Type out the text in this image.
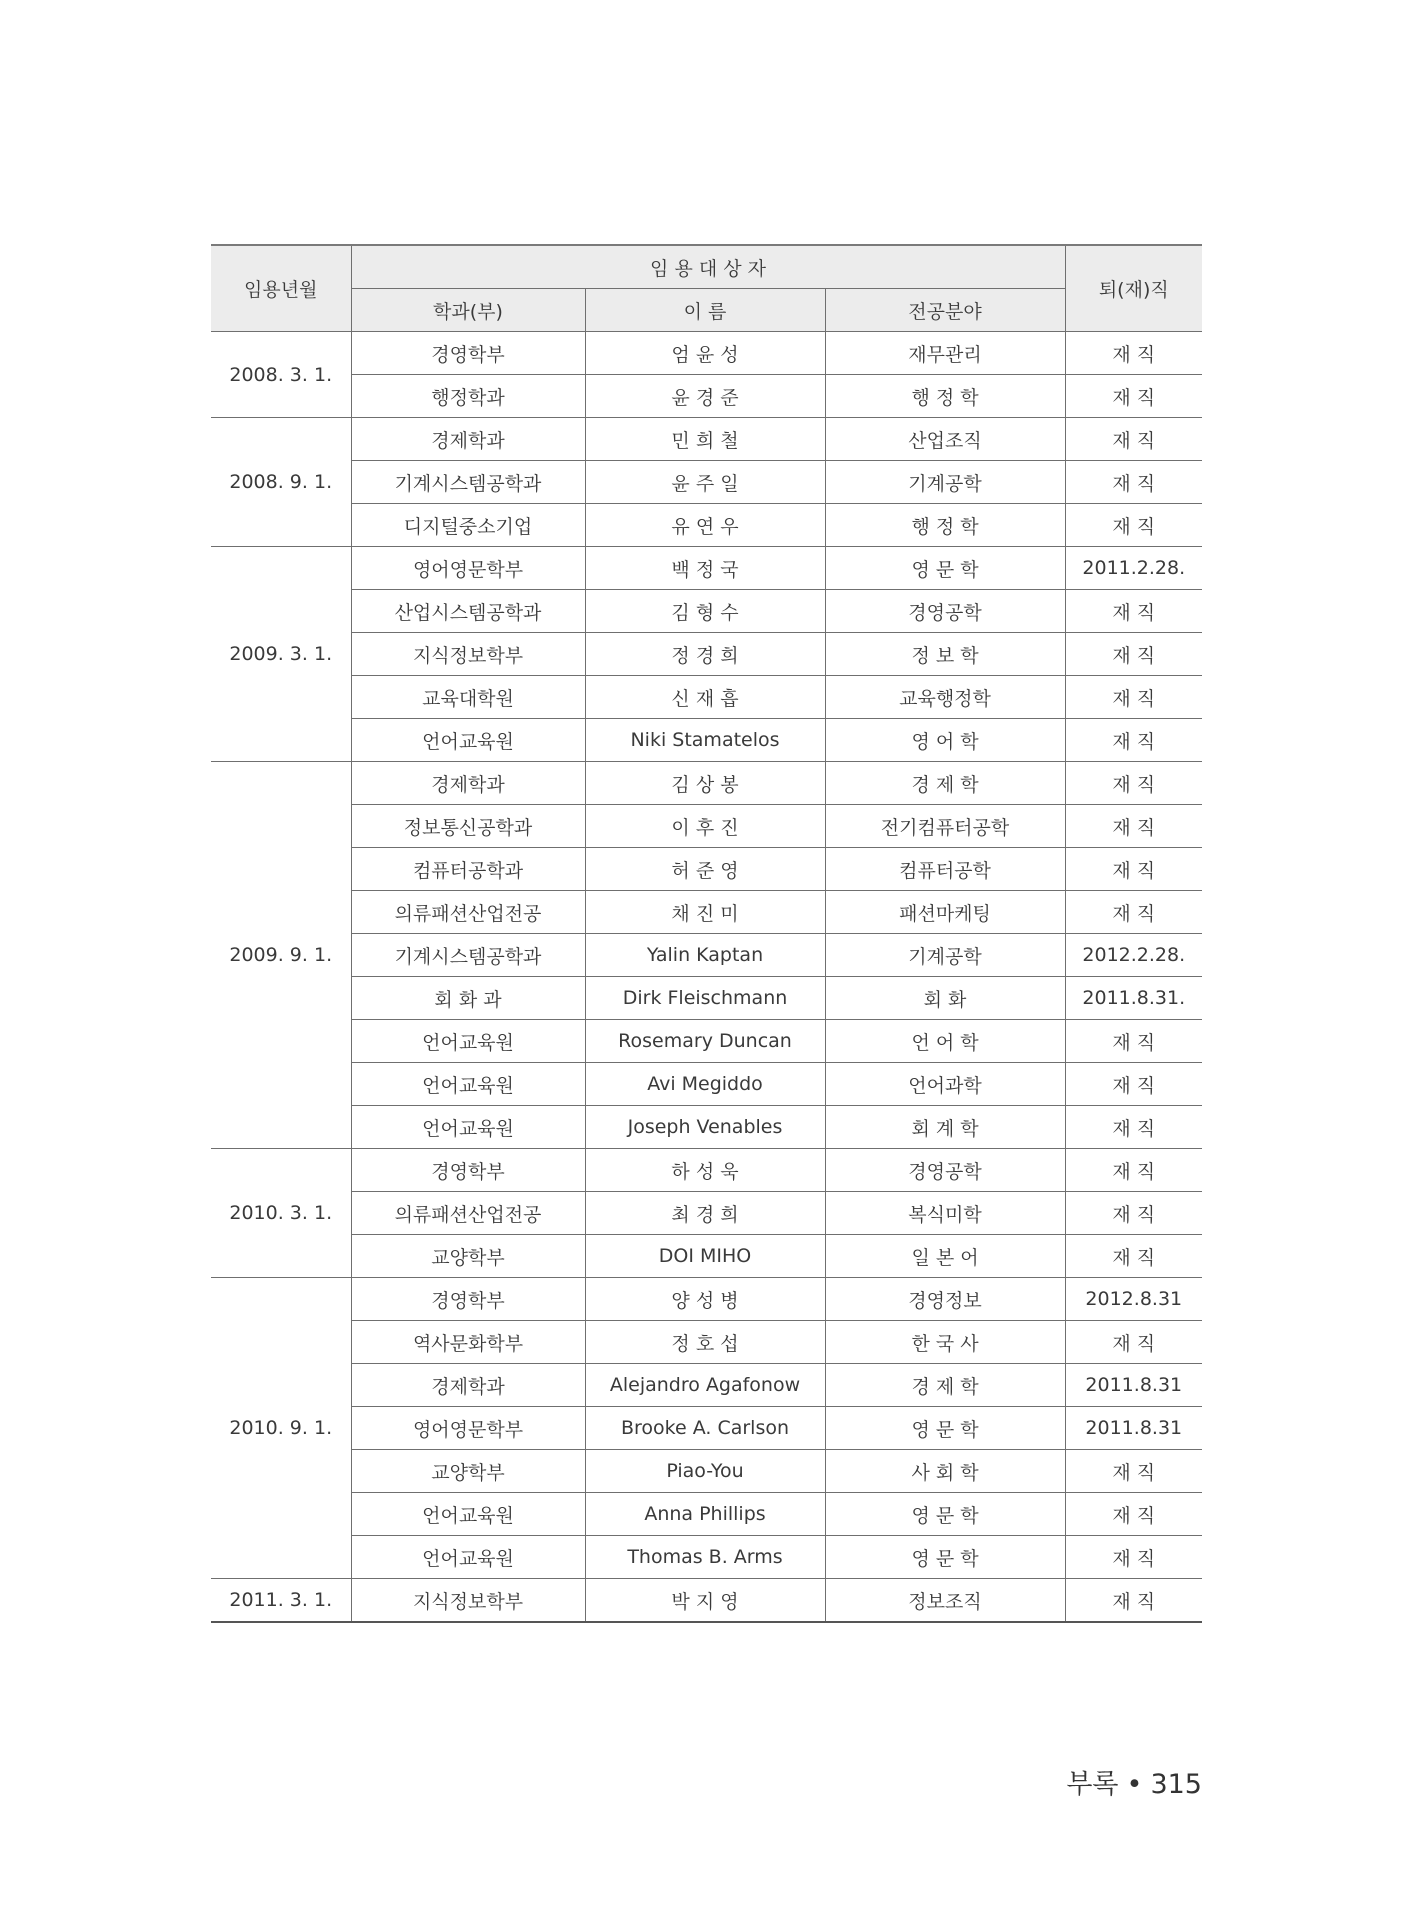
임용년월	임 용 대 상 자			퇴(재)직
	학과(부)	이 름	전공분야	
2008. 3. 1.	경영학부	엄 윤 성	재무관리	재 직
	행정학과	윤 경 준	행 정 학	재 직
2008. 9. 1.	경제학과	민 희 철	산업조직	재 직
	기계시스템공학과	윤 주 일	기계공학	재 직
	디지털중소기업	유 연 우	행 정 학	재 직
2009. 3. 1.	영어영문학부	백 정 국	영 문 학	2011.2.28.
	산업시스템공학과	김 형 수	경영공학	재 직
	지식정보학부	정 경 희	정 보 학	재 직
	교육대학원	신 재 흡	교육행정학	재 직
	언어교육원	Niki Stamatelos	영 어 학	재 직
2009. 9. 1.	경제학과	김 상 봉	경 제 학	재 직
	정보통신공학과	이 후 진	전기컴퓨터공학	재 직
	컴퓨터공학과	허 준 영	컴퓨터공학	재 직
	의류패션산업전공	채 진 미	패션마케팅	재 직
	기계시스템공학과	Yalin Kaptan	기계공학	2012.2.28.
	회 화 과	Dirk Fleischmann	회 화	2011.8.31.
	언어교육원	Rosemary Duncan	언 어 학	재 직
	언어교육원	Avi Megiddo	언어과학	재 직
	언어교육원	Joseph Venables	회 계 학	재 직
2010. 3. 1.	경영학부	하 성 욱	경영공학	재 직
	의류패션산업전공	최 경 희	복식미학	재 직
	교양학부	DOI MIHO	일 본 어	재 직
2010. 9. 1.	경영학부	양 성 병	경영정보	2012.8.31
	역사문화학부	정 호 섭	한 국 사	재 직
	경제학과	Alejandro Agafonow	경 제 학	2011.8.31
	영어영문학부	Brooke A. Carlson	영 문 학	2011.8.31
	교양학부	Piao-You	사 회 학	재 직
	언어교육원	Anna Phillips	영 문 학	재 직
	언어교육원	Thomas B. Arms	영 문 학	재 직
2011. 3. 1.	지식정보학부	박 지 영	정보조직	재 직
부록 • 315
